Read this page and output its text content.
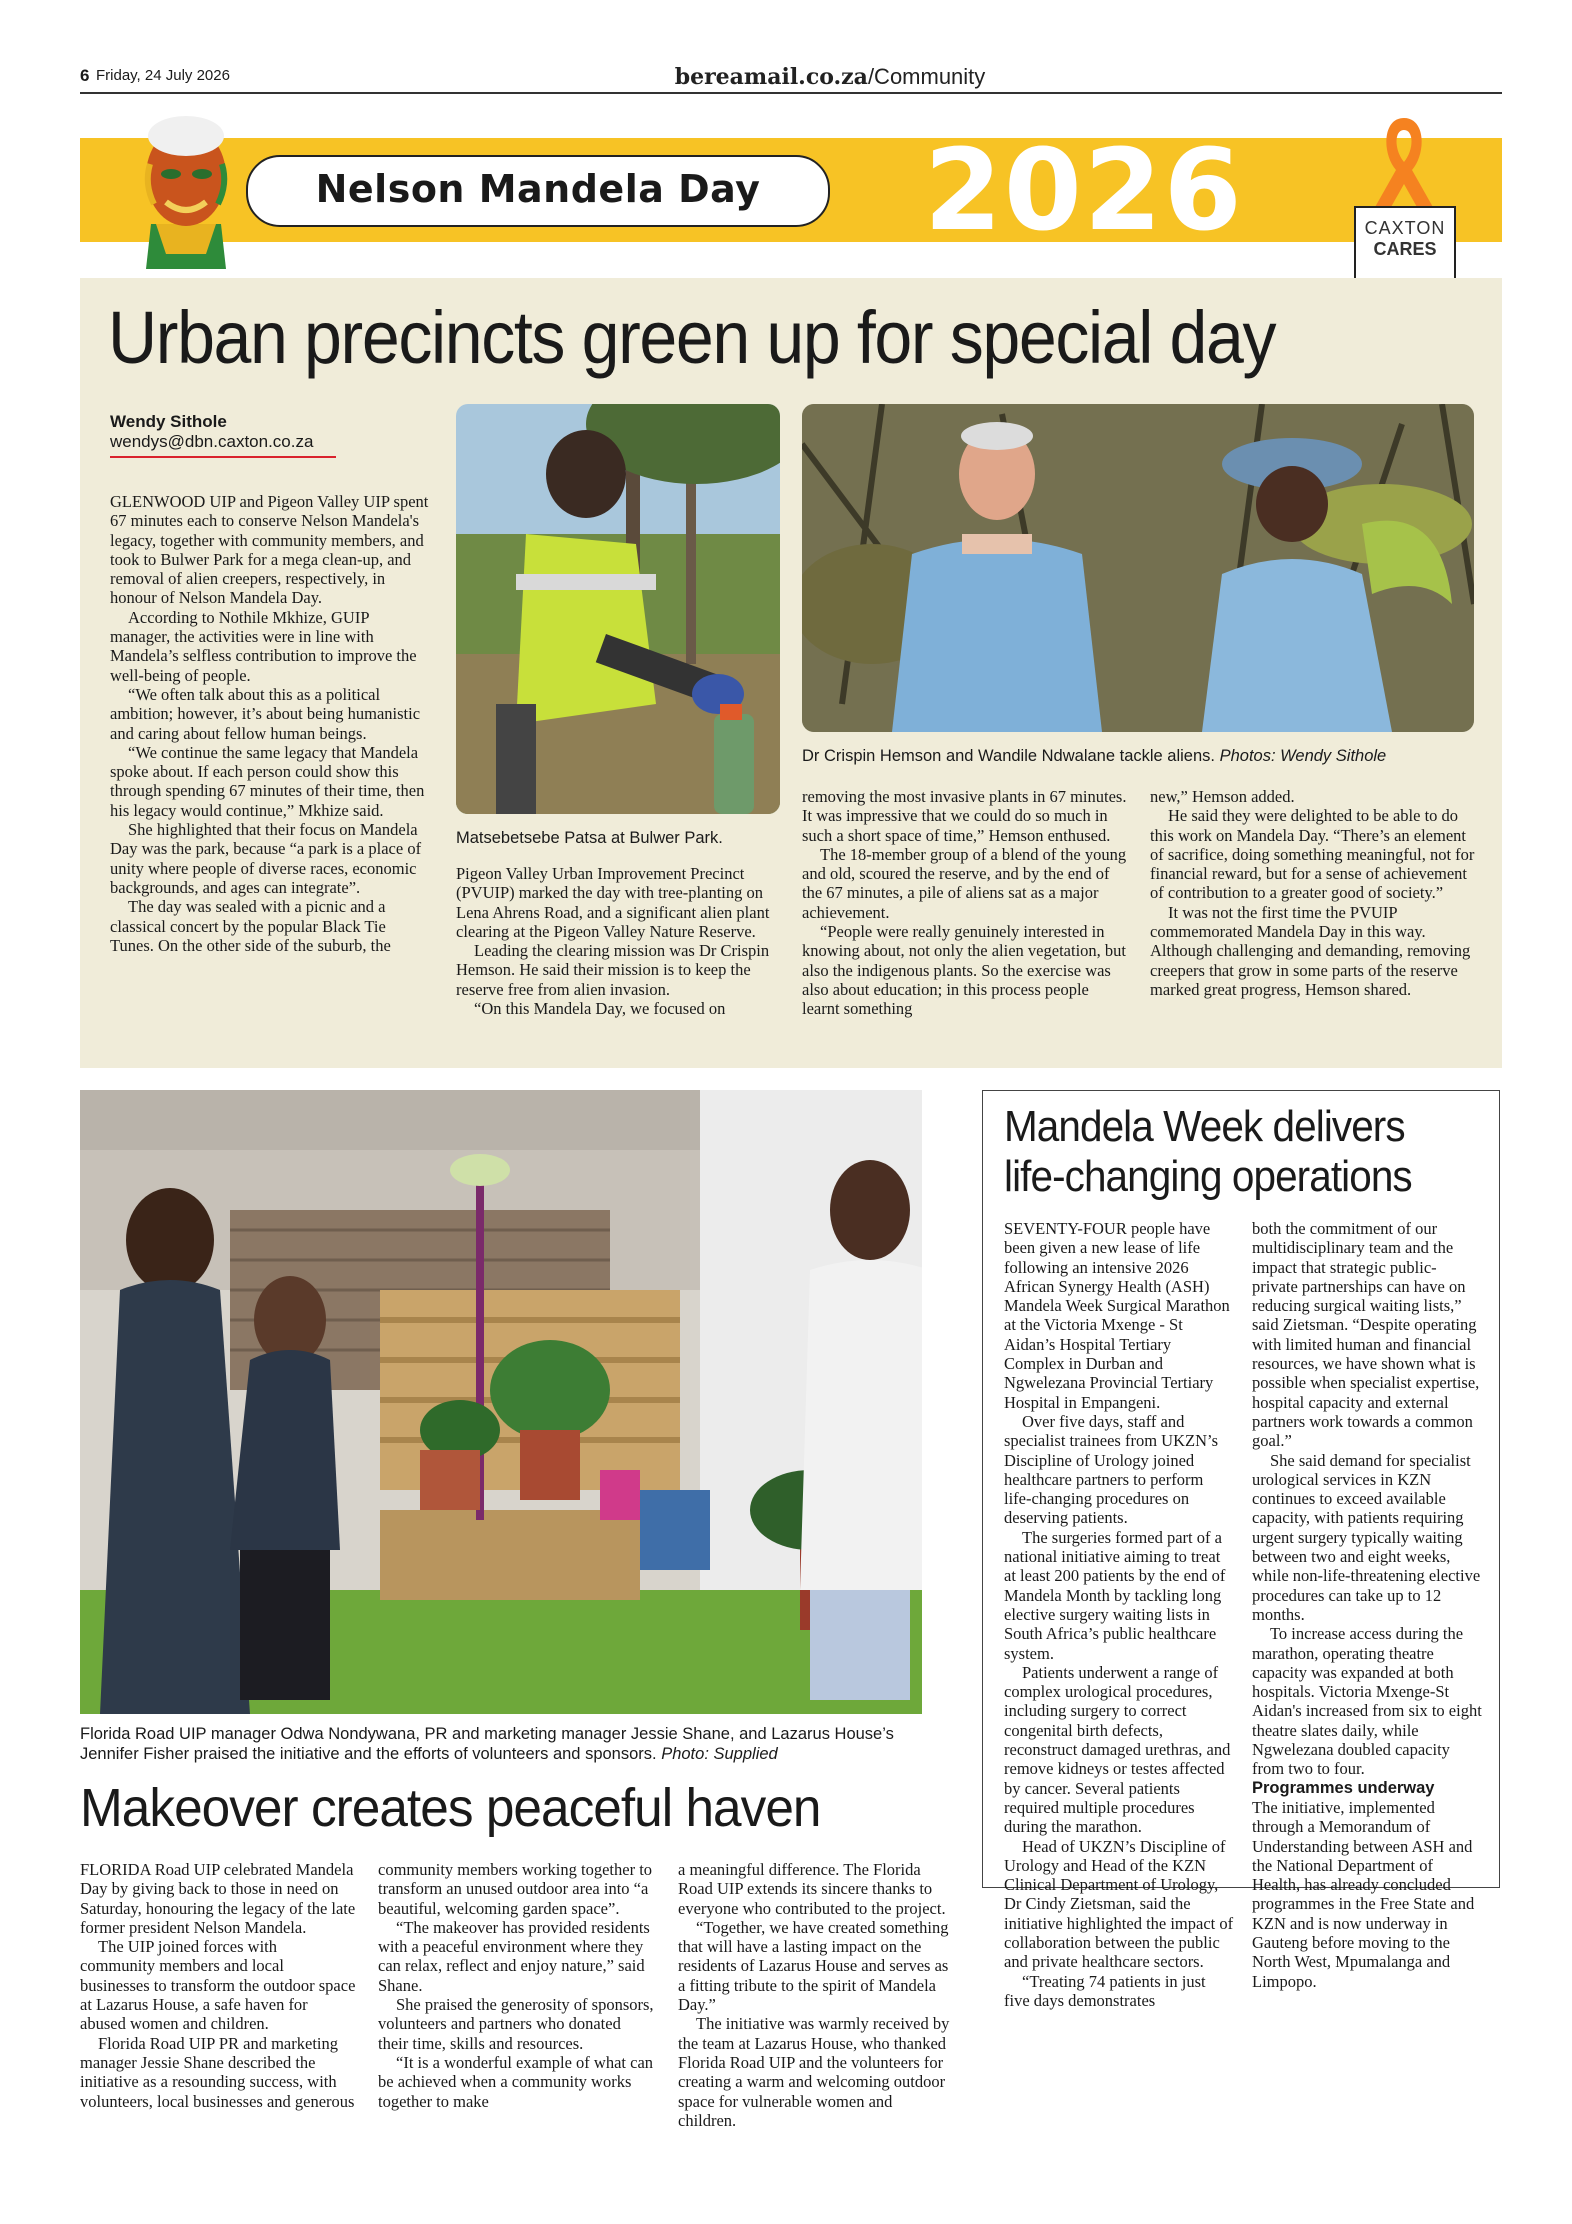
6 Friday, 24 July 2026	bereamail.co.za/Community
Nelson Mandela Day	2026	CAXTON
CARES
Urban precincts green up for special day
Wendy Sithole
wendys@dbn.caxton.co.za

GLENWOOD UIP and Pigeon Valley UIP spent 67 minutes each to conserve Nelson Mandela's legacy, together with community members, and took to Bulwer Park for a mega clean-up, and removal of alien creepers, respectively, in honour of Nelson Mandela Day.

According to Nothile Mkhize, GUIP manager, the activities were in line with Mandela’s selfless contribution to improve the well-being of people.

“We often talk about this as a political ambition; however, it’s about being humanistic and caring about fellow human beings.

“We continue the same legacy that Mandela spoke about. If each person could show this through spending 67 minutes of their time, then his legacy would continue,” Mkhize said.

She highlighted that their focus on Mandela Day was the park, because “a park is a place of unity where people of diverse races, economic backgrounds, and ages can integrate”.

The day was sealed with a picnic and a classical concert by the popular Black Tie Tunes. On the other side of the suburb, the

Matsebetsebe Patsa at Bulwer Park.
Dr Crispin Hemson and Wandile Ndwalane tackle aliens. Photos: Wendy Sithole

Pigeon Valley Urban Improvement Precinct (PVUIP) marked the day with tree-planting on Lena Ahrens Road, and a significant alien plant clearing at the Pigeon Valley Nature Reserve.

Leading the clearing mission was Dr Crispin Hemson. He said their mission is to keep the reserve free from alien invasion.

“On this Mandela Day, we focused on

removing the most invasive plants in 67 minutes. It was impressive that we could do so much in such a short space of time,” Hemson enthused.

The 18-member group of a blend of the young and old, scoured the reserve, and by the end of the 67 minutes, a pile of aliens sat as a major achievement.

“People were really genuinely interested in knowing about, not only the alien vegetation, but also the indigenous plants. So the exercise was also about education; in this process people learnt something

new,” Hemson added.

He said they were delighted to be able to do this work on Mandela Day. “There’s an element of sacrifice, doing something meaningful, not for financial reward, but for a sense of achievement of contribution to a greater good of society.”

It was not the first time the PVUIP commemorated Mandela Day in this way. Although challenging and demanding, removing creepers that grow in some parts of the reserve marked great progress, Hemson shared.

Florida Road UIP manager Odwa Nondywana, PR and marketing manager Jessie Shane, and Lazarus House’s Jennifer Fisher praised the initiative and the efforts of volunteers and sponsors. Photo: Supplied
Makeover creates peaceful haven

FLORIDA Road UIP celebrated Mandela Day by giving back to those in need on Saturday, honouring the legacy of the late former president Nelson Mandela.

The UIP joined forces with community members and local businesses to transform the outdoor space at Lazarus House, a safe haven for abused women and children.

Florida Road UIP PR and marketing manager Jessie Shane described the initiative as a resounding success, with volunteers, local businesses and generous

community members working together to transform an unused outdoor area into “a beautiful, welcoming garden space”.

“The makeover has provided residents with a peaceful environment where they can relax, reflect and enjoy nature,” said Shane.

She praised the generosity of sponsors, volunteers and partners who donated their time, skills and resources.

“It is a wonderful example of what can be achieved when a community works together to make

a meaningful difference. The Florida Road UIP extends its sincere thanks to everyone who contributed to the project.

“Together, we have created something that will have a lasting impact on the residents of Lazarus House and serves as a fitting tribute to the spirit of Mandela Day.”

The initiative was warmly received by the team at Lazarus House, who thanked Florida Road UIP and the volunteers for creating a warm and welcoming outdoor space for vulnerable women and children.

Mandela Week delivers
life-changing operations

SEVENTY-FOUR people have been given a new lease of life following an intensive 2026 African Synergy Health (ASH) Mandela Week Surgical Marathon at the Victoria Mxenge - St Aidan’s Hospital Tertiary Complex in Durban and Ngwelezana Provincial Tertiary Hospital in Empangeni.

Over five days, staff and specialist trainees from UKZN’s Discipline of Urology joined healthcare partners to perform life-changing procedures on deserving patients.

The surgeries formed part of a national initiative aiming to treat at least 200 patients by the end of Mandela Month by tackling long elective surgery waiting lists in South Africa’s public healthcare system.

Patients underwent a range of complex urological procedures, including surgery to correct congenital birth defects, reconstruct damaged urethras, and remove kidneys or testes affected by cancer. Several patients required multiple procedures during the marathon.

Head of UKZN’s Discipline of Urology and Head of the KZN Clinical Department of Urology, Dr Cindy Zietsman, said the initiative highlighted the impact of collaboration between the public and private healthcare sectors.

“Treating 74 patients in just five days demonstrates

both the commitment of our multidisciplinary team and the impact that strategic public-private partnerships can have on reducing surgical waiting lists,” said Zietsman. “Despite operating with limited human and financial resources, we have shown what is possible when specialist expertise, hospital capacity and external partners work towards a common goal.”

She said demand for specialist urological services in KZN continues to exceed available capacity, with patients requiring urgent surgery typically waiting between two and eight weeks, while non-life-threatening elective procedures can take up to 12 months.

To increase access during the marathon, operating theatre capacity was expanded at both hospitals. Victoria Mxenge-St Aidan's increased from six to eight theatre slates daily, while Ngwelezana doubled capacity from two to four.

Programmes underway

The initiative, implemented through a Memorandum of Understanding between ASH and the National Department of Health, has already concluded programmes in the Free State and KZN and is now underway in Gauteng before moving to the North West, Mpumalanga and Limpopo.
